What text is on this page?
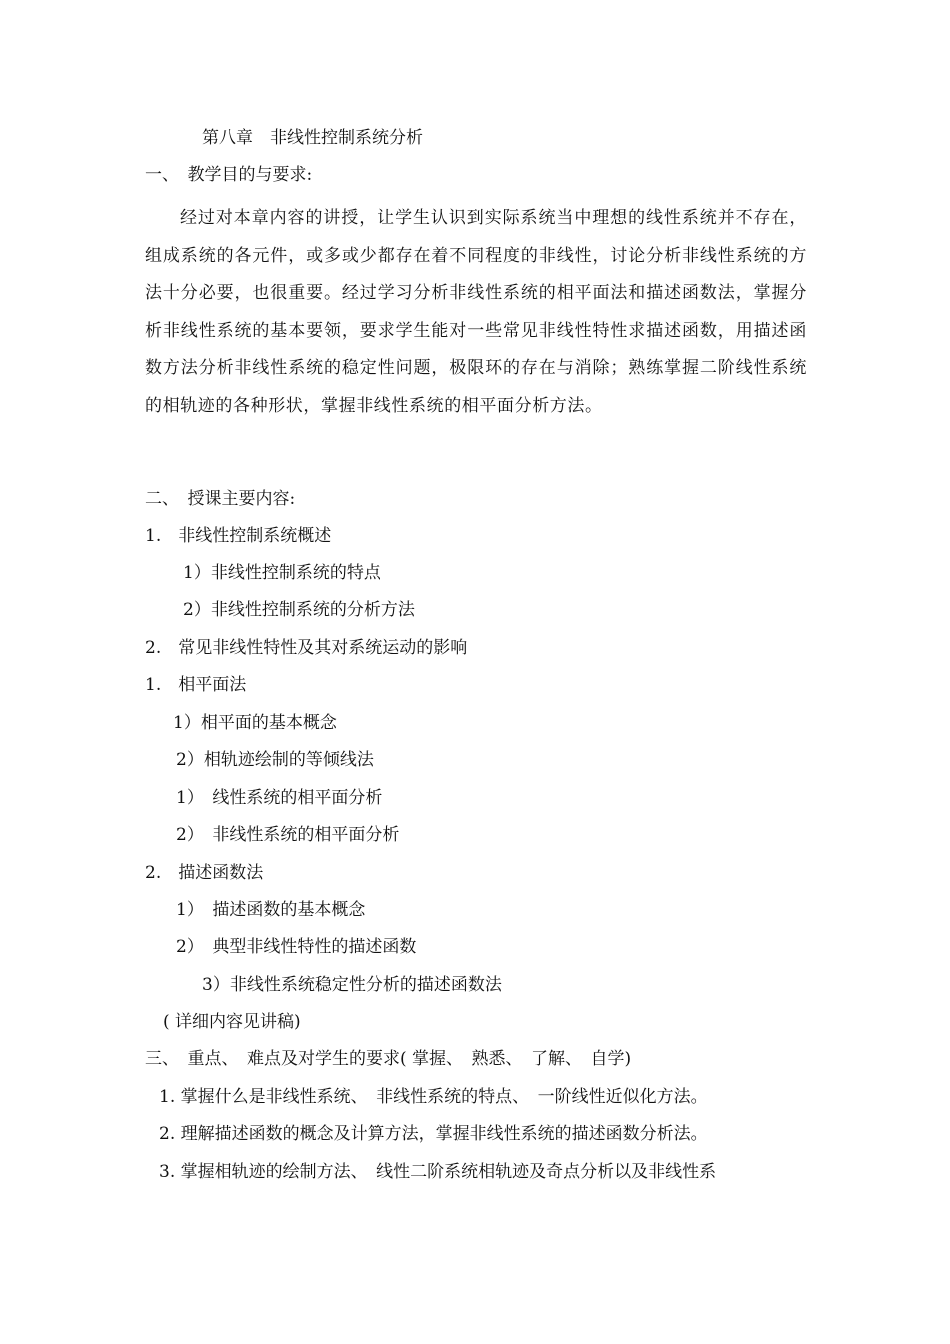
第八章　非线性控制系统分析
一、　教学目的与要求:
经过对本章内容的讲授，让学生认识到实际系统当中理想的线性系统并不存在，组成系统的各元件，或多或少都存在着不同程度的非线性，讨论分析非线性系统的方法十分必要，也很重要。经过学习分析非线性系统的相平面法和描述函数法，掌握分析非线性系统的基本要领，要求学生能对一些常见非线性特性求描述函数，用描述函数方法分析非线性系统的稳定性问题，极限环的存在与消除；熟练掌握二阶线性系统的相轨迹的各种形状，掌握非线性系统的相平面分析方法。
二、　授课主要内容:
1.　非线性控制系统概述
1）非线性控制系统的特点
2）非线性控制系统的分析方法
2.　常见非线性特性及其对系统运动的影响
1.　相平面法
1）相平面的基本概念
2）相轨迹绘制的等倾线法
1）　线性系统的相平面分析
2）　非线性系统的相平面分析
2.　描述函数法
1）　描述函数的基本概念
2）　典型非线性特性的描述函数
3）非线性系统稳定性分析的描述函数法
( 详细内容见讲稿)
三、　重点、　难点及对学生的要求( 掌握、　熟悉、　了解、　自学)
1. 掌握什么是非线性系统、　非线性系统的特点、　一阶线性近似化方法。
2. 理解描述函数的概念及计算方法，掌握非线性系统的描述函数分析法。
3. 掌握相轨迹的绘制方法、　线性二阶系统相轨迹及奇点分析以及非线性系
